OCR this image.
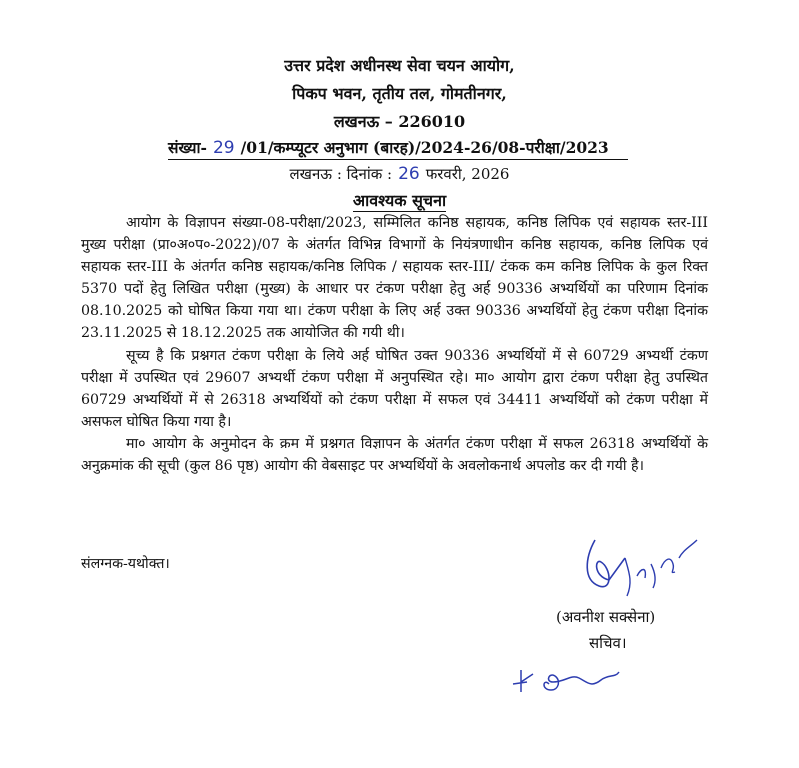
उत्तर प्रदेश अधीनस्थ सेवा चयन आयोग,
पिकप भवन, तृतीय तल, गोमतीनगर,
लखनऊ – 226010
संख्या- 29 /01/कम्प्यूटर अनुभाग (बारह)/2024-26/08-परीक्षा/2023
लखनऊ : दिनांक : 26 फरवरी, 2026
आवश्यक सूचना

आयोग के विज्ञापन संख्या-08-परीक्षा/2023, सम्मिलित कनिष्ठ सहायक, कनिष्ठ लिपिक एवं सहायक स्तर-III मुख्य परीक्षा (प्रा०अ०प०-2022)/07 के अंतर्गत विभिन्न विभागों के नियंत्रणाधीन कनिष्ठ सहायक, कनिष्ठ लिपिक एवं सहायक स्तर-III के अंतर्गत कनिष्ठ सहायक/कनिष्ठ लिपिक / सहायक स्तर-III/ टंकक कम कनिष्ठ लिपिक के कुल रिक्त 5370 पदों हेतु लिखित परीक्षा (मुख्य) के आधार पर टंकण परीक्षा हेतु अर्ह 90336 अभ्यर्थियों का परिणाम दिनांक 08.10.2025 को घोषित किया गया था। टंकण परीक्षा के लिए अर्ह उक्त 90336 अभ्यर्थियों हेतु टंकण परीक्षा दिनांक 23.11.2025 से 18.12.2025 तक आयोजित की गयी थी।

सूच्य है कि प्रश्नगत टंकण परीक्षा के लिये अर्ह घोषित उक्त 90336 अभ्यर्थियों में से 60729 अभ्यर्थी टंकण परीक्षा में उपस्थित एवं 29607 अभ्यर्थी टंकण परीक्षा में अनुपस्थित रहे। मा० आयोग द्वारा टंकण परीक्षा हेतु उपस्थित 60729 अभ्यर्थियों में से 26318 अभ्यर्थियों को टंकण परीक्षा में सफल एवं 34411 अभ्यर्थियों को टंकण परीक्षा में असफल घोषित किया गया है।

मा० आयोग के अनुमोदन के क्रम में प्रश्नगत विज्ञापन के अंतर्गत टंकण परीक्षा में सफल 26318 अभ्यर्थियों के अनुक्रमांक की सूची (कुल 86 पृष्ठ) आयोग की वेबसाइट पर अभ्यर्थियों के अवलोकनार्थ अपलोड कर दी गयी है।

संलग्नक-यथोक्त।
(अवनीश सक्सेना)
सचिव।
